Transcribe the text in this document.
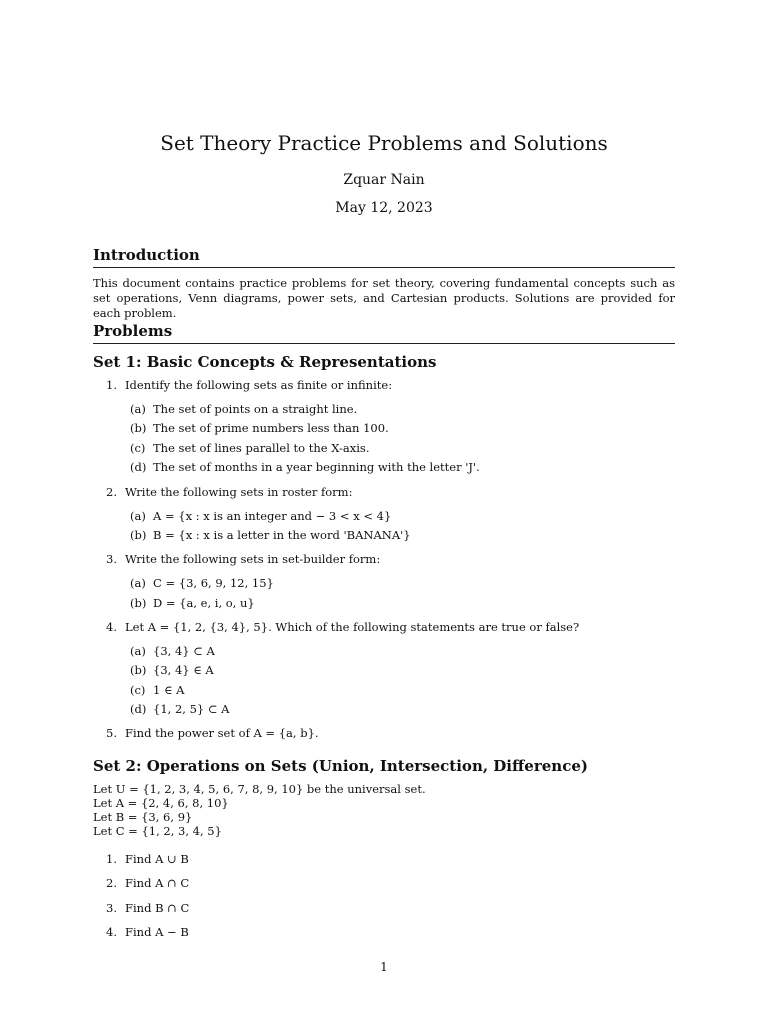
Set Theory Practice Problems and Solutions
Zquar Nain
May 12, 2023
Introduction
This document contains practice problems for set theory, covering fundamental concepts such as set operations, Venn diagrams, power sets, and Cartesian products. Solutions are provided for each problem.
Problems
Set 1: Basic Concepts & Representations
1. Identify the following sets as finite or infinite:
(a) The set of points on a straight line.
(b) The set of prime numbers less than 100.
(c) The set of lines parallel to the X-axis.
(d) The set of months in a year beginning with the letter 'J'.
2. Write the following sets in roster form:
(a) A = {x : x is an integer and − 3 < x < 4}
(b) B = {x : x is a letter in the word 'BANANA'}
3. Write the following sets in set-builder form:
(a) C = {3, 6, 9, 12, 15}
(b) D = {a, e, i, o, u}
4. Let A = {1, 2, {3, 4}, 5}. Which of the following statements are true or false?
(a) {3, 4} ⊂ A
(b) {3, 4} ∈ A
(c) 1 ∈ A
(d) {1, 2, 5} ⊂ A
5. Find the power set of A = {a, b}.
Set 2: Operations on Sets (Union, Intersection, Difference)
Let U = {1, 2, 3, 4, 5, 6, 7, 8, 9, 10} be the universal set.
Let A = {2, 4, 6, 8, 10}
Let B = {3, 6, 9}
Let C = {1, 2, 3, 4, 5}
1. Find A ∪ B
2. Find A ∩ C
3. Find B ∩ C
4. Find A − B
1
